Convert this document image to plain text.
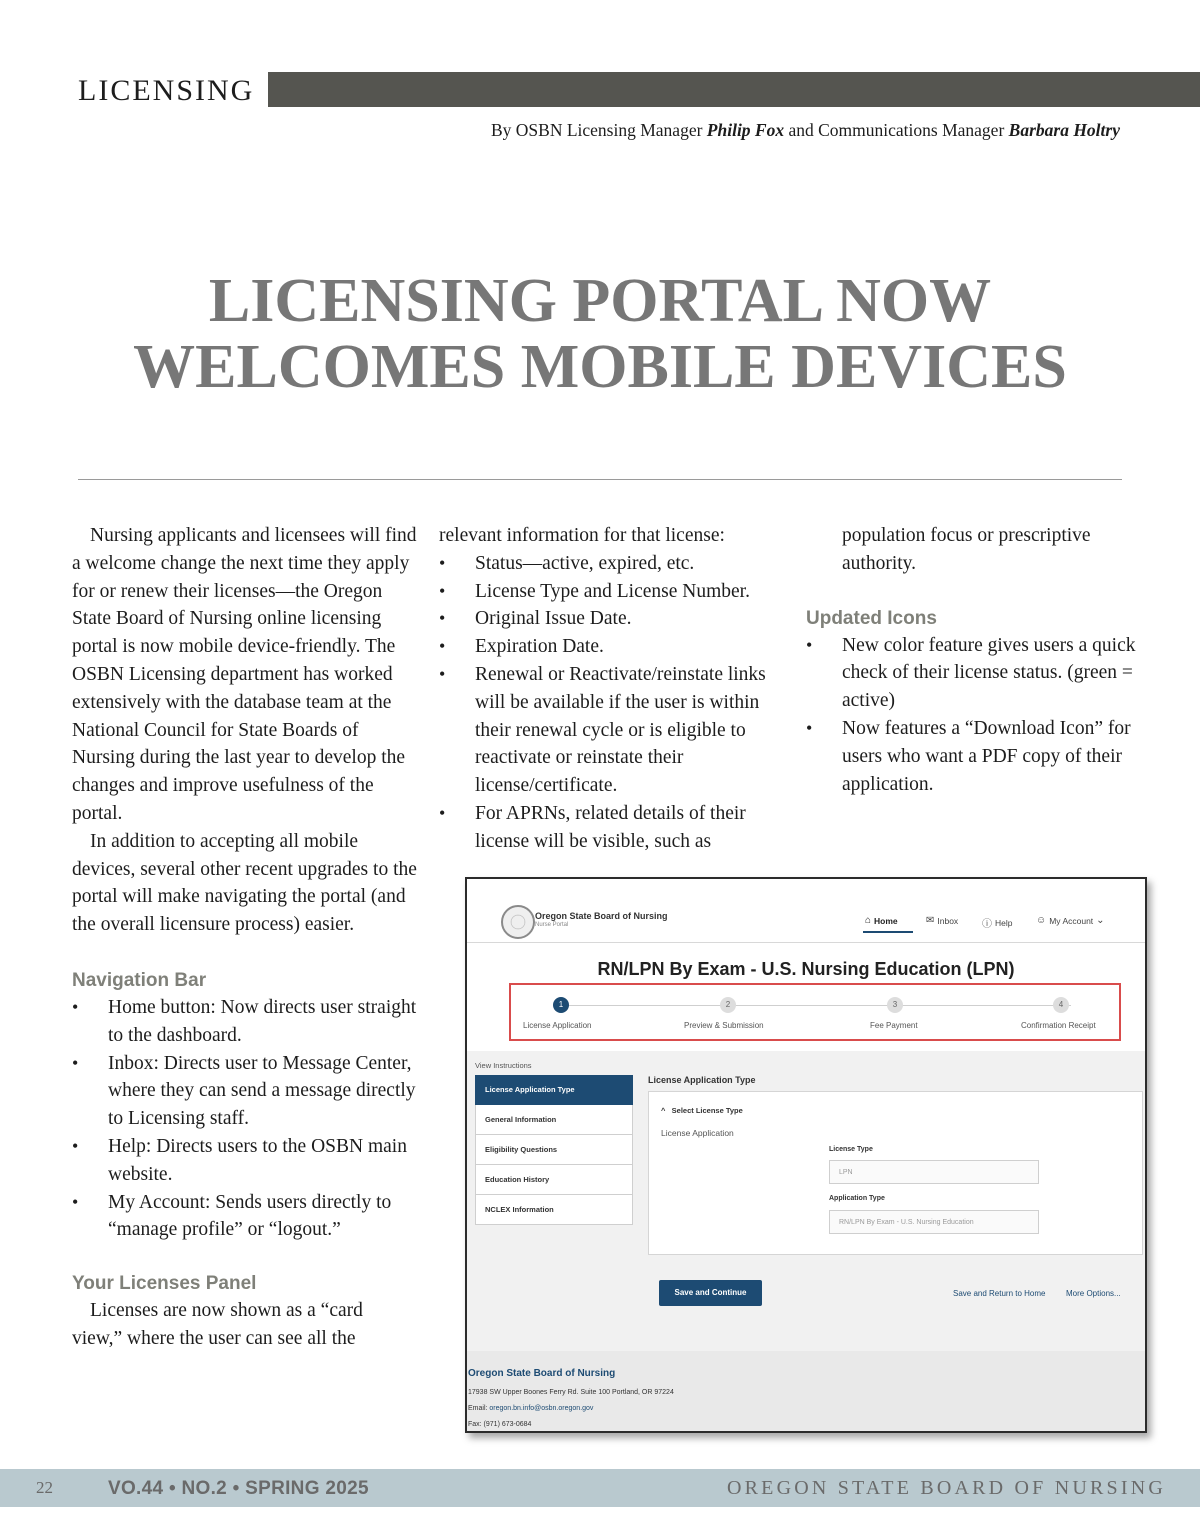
LICENSING
By OSBN Licensing Manager Philip Fox and Communications Manager Barbara Holtry
LICENSING PORTAL NOW
WELCOMES MOBILE DEVICES

Nursing applicants and licensees will find a welcome change the next time they apply for or renew their licenses—the Oregon State Board of Nursing online licensing portal is now mobile device-friendly. The OSBN Licensing department has worked extensively with the database team at the National Council for State Boards of Nursing during the last year to develop the changes and improve usefulness of the portal.

In addition to accepting all mobile devices, several other recent upgrades to the portal will make navigating the portal (and the overall licensure process) easier.

Navigation Bar
• Home button: Now directs user straight to the dashboard.
• Inbox: Directs user to Message Center, where they can send a message directly to Licensing staff.
• Help: Directs users to the OSBN main website.
• My Account: Sends users directly to “manage profile” or “logout.”
Your Licenses Panel

Licenses are now shown as a “card view,” where the user can see all the

relevant information for that license:

• Status—active, expired, etc.
• License Type and License Number.
• Original Issue Date.
• Expiration Date.
• Renewal or Reactivate/reinstate links will be available if the user is within their renewal cycle or is eligible to reactivate or reinstate their license/certificate.
• For APRNs, related details of their license will be visible, such as

population focus or prescriptive authority.

Updated Icons
• New color feature gives users a quick check of their license status. (green = active)
• Now features a “Download Icon” for users who want a PDF copy of their application.
Oregon State Board of Nursing
Nurse Portal	⌂ Home	✉ Inbox ⓘ Help ☺ My Account ⌄
RN/LPN By Exam - U.S. Nursing Education (LPN)
1
License Application
2
Preview & Submission
3
Fee Payment
4
Confirmation Receipt
View Instructions
License Application Type
General Information
Eligibility Questions
Education History
NCLEX Information
License Application Type
^ Select License Type
License Application
License Type
LPN
Application Type
RN/LPN By Exam - U.S. Nursing Education
Save and Continue	Save and Return to Home	More Options...
Oregon State Board of Nursing
17938 SW Upper Boones Ferry Rd. Suite 100 Portland, OR 97224
Email: oregon.bn.info@osbn.oregon.gov
Fax: (971) 673-0684
22	VO.44 • NO.2 • SPRING 2025	OREGON STATE BOARD OF NURSING
